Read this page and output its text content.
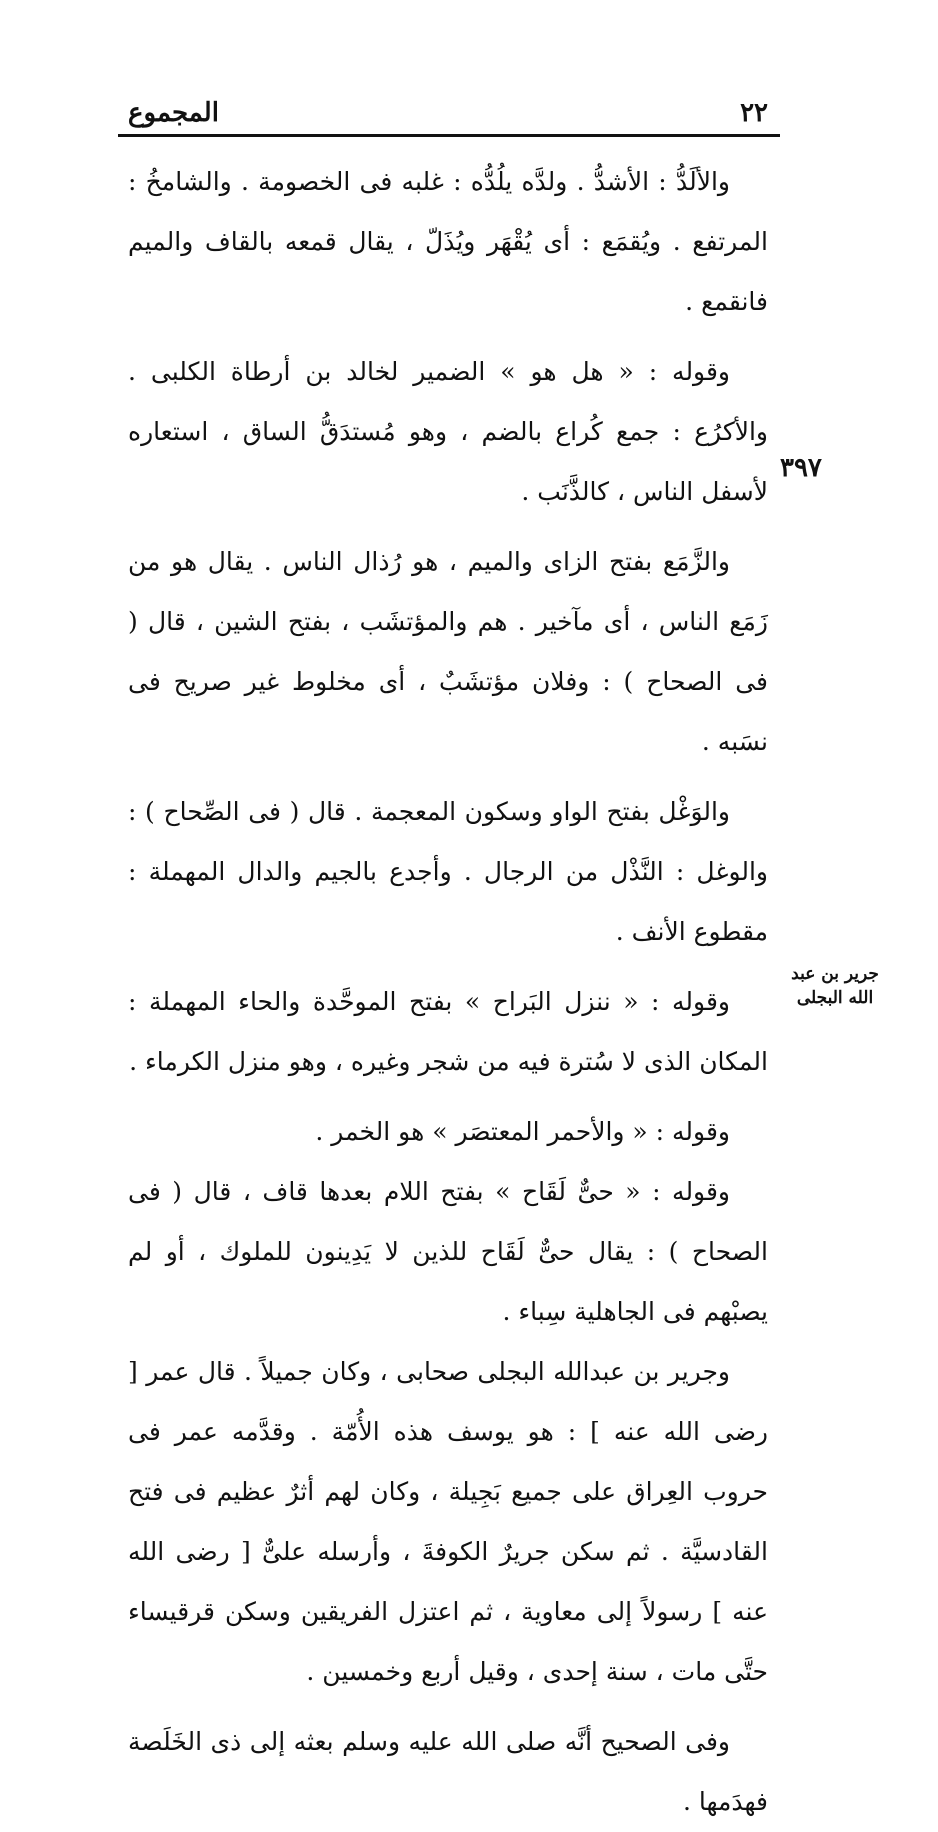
٢٢
المجموع
٣٩٧
جرير بن عبد الله البجلى

والألَدُّ : الأشدُّ . ولدَّه يلُدُّه : غلبه فى الخصومة . والشامخُ : المرتفع . ويُقمَع : أى يُقْهَر ويُذَلّ ، يقال قمعه بالقاف والميم فانقمع .

وقوله : « هل هو » الضمير لخالد بن أرطاة الكلبى . والأكرُع : جمع كُراع بالضم ، وهو مُستدَقُّ الساق ، استعاره لأسفل الناس ، كالذَّنَب .

والزَّمَع بفتح الزاى والميم ، هو رُذال الناس . يقال هو من زَمَع الناس ، أى مآخير . هم والمؤتشَب ، بفتح الشين ، قال ( فى الصحاح ) : وفلان مؤتشَبٌ ، أى مخلوط غير صريح فى نسَبه .

والوَغْل بفتح الواو وسكون المعجمة . قال ( فى الصِّحاح ) : والوغل : النَّذْل من الرجال . وأجدع بالجيم والدال المهملة : مقطوع الأنف .

وقوله : « ننزل البَراح » بفتح الموحَّدة والحاء المهملة : المكان الذى لا سُترة فيه من شجر وغيره ، وهو منزل الكرماء .

وقوله : « والأحمر المعتصَر » هو الخمر .

وقوله : « حىٌّ لَقَاح » بفتح اللام بعدها قاف ، قال ( فى الصحاح ) : يقال حىٌّ لَقَاح للذين لا يَدِينون للملوك ، أو لم يصبْهم فى الجاهلية سِباء .

وجرير بن عبدالله البجلى صحابى ، وكان جميلاً . قال عمر [ رضى الله عنه ] : هو يوسف هذه الأُمّة . وقدَّمه عمر فى حروب العِراق على جميع بَجِيلة ، وكان لهم أثرٌ عظيم فى فتح القادسيَّة . ثم سكن جريرٌ الكوفةَ ، وأرسله علىٌّ [ رضى الله عنه ] رسولاً إلى معاوية ، ثم اعتزل الفريقين وسكن قرقيساء حتَّى مات ، سنة إحدى ، وقيل أربع وخمسين .

وفى الصحيح أنَّه صلى الله عليه وسلم بعثه إلى ذى الخَلَصة فهدَمها .
